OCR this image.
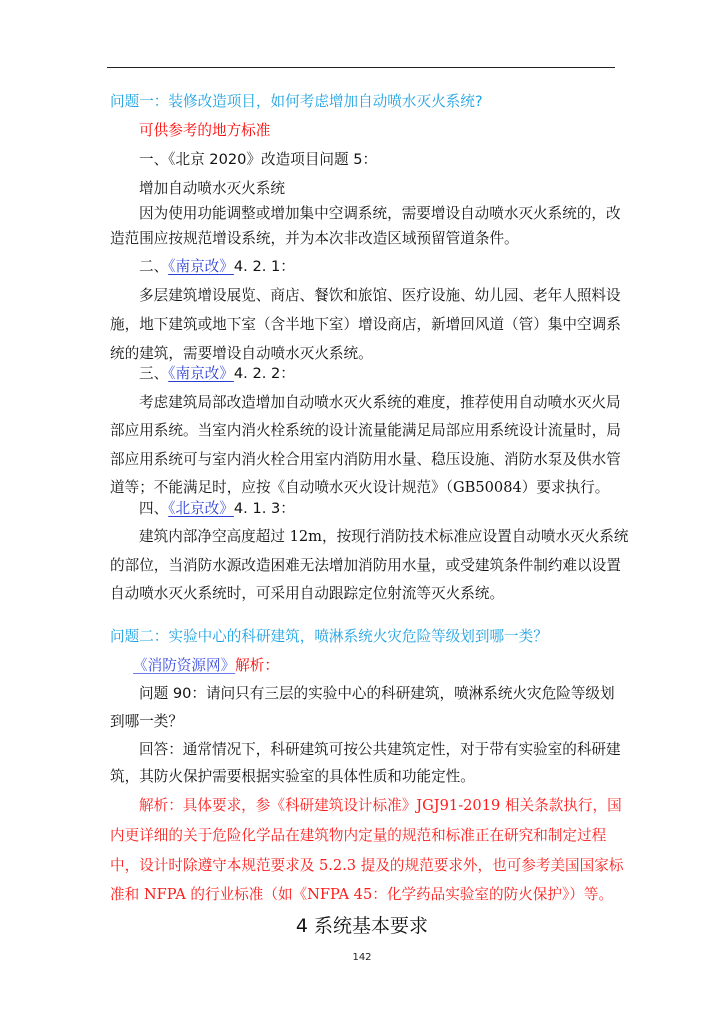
问题一：装修改造项目，如何考虑增加自动喷水灭火系统?
可供参考的地方标准
一、《北京 2020》改造项目问题 5：
增加自动喷水灭火系统
因为使用功能调整或增加集中空调系统，需要增设自动喷水灭火系统的，改
造范围应按规范增设系统，并为本次非改造区域预留管道条件。
二、《南京改》4. 2. 1：
多层建筑增设展览、商店、餐饮和旅馆、医疗设施、幼儿园、老年人照料设
施，地下建筑或地下室（含半地下室）增设商店，新增回风道（管）集中空调系
统的建筑，需要增设自动喷水灭火系统。
三、《南京改》4. 2. 2：
考虑建筑局部改造增加自动喷水灭火系统的难度，推荐使用自动喷水灭火局
部应用系统。当室内消火栓系统的设计流量能满足局部应用系统设计流量时，局
部应用系统可与室内消火栓合用室内消防用水量、稳压设施、消防水泵及供水管
道等；不能满足时，应按《自动喷水灭火设计规范》（GB50084）要求执行。
四、《北京改》4. 1. 3：
建筑内部净空高度超过 12m，按现行消防技术标准应设置自动喷水灭火系统
的部位，当消防水源改造困难无法增加消防用水量，或受建筑条件制约难以设置
自动喷水灭火系统时，可采用自动跟踪定位射流等灭火系统。
问题二：实验中心的科研建筑，喷淋系统火灾危险等级划到哪一类？
《消防资源网》解析：
问题 90：请问只有三层的实验中心的科研建筑，喷淋系统火灾危险等级划
到哪一类？
回答：通常情况下，科研建筑可按公共建筑定性，对于带有实验室的科研建
筑，其防火保护需要根据实验室的具体性质和功能定性。
解析：具体要求，参《科研建筑设计标准》JGJ91-2019 相关条款执行，国
内更详细的关于危险化学品在建筑物内定量的规范和标准正在研究和制定过程
中，设计时除遵守本规范要求及 5.2.3 提及的规范要求外，也可参考美国国家标
准和 NFPA 的行业标准（如《NFPA 45：化学药品实验室的防火保护》）等。
4 系统基本要求
142
